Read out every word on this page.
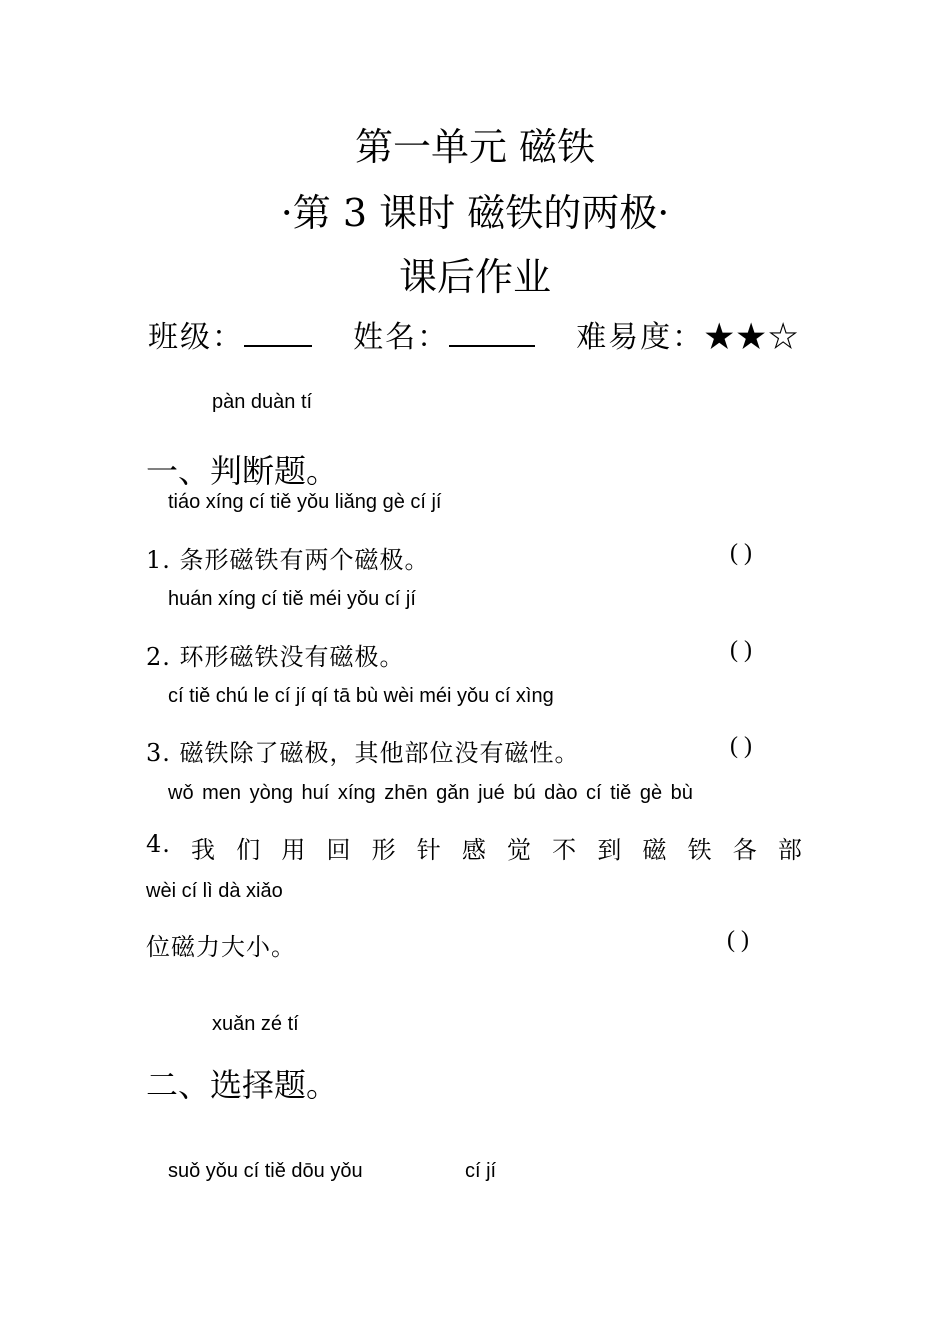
第一单元 磁铁
·第 3 课时 磁铁的两极·
课后作业
班级：	姓名：	难易度：★★☆
pàn duàn tí
一、判断题。
tiáo xíng cí tiě yǒu liǎng gè cí jí
1. 条形磁铁有两个磁极。	( )
huán xíng cí tiě méi yǒu cí jí
2. 环形磁铁没有磁极。	( )
cí tiě chú le cí jí qí tā bù wèi méi yǒu cí xìng
3. 磁铁除了磁极，其他部位没有磁性。	( )
wǒ men yòng huí xíng zhēn gǎn jué bú dào cí tiě gè bù
4. 我 们 用 回 形 针 感 觉 不 到 磁 铁 各 部
wèi cí lì dà xiǎo
位磁力大小。	( )
xuǎn zé tí
二、选择题。
suǒ yǒu cí tiě dōu yǒu	cí jí
